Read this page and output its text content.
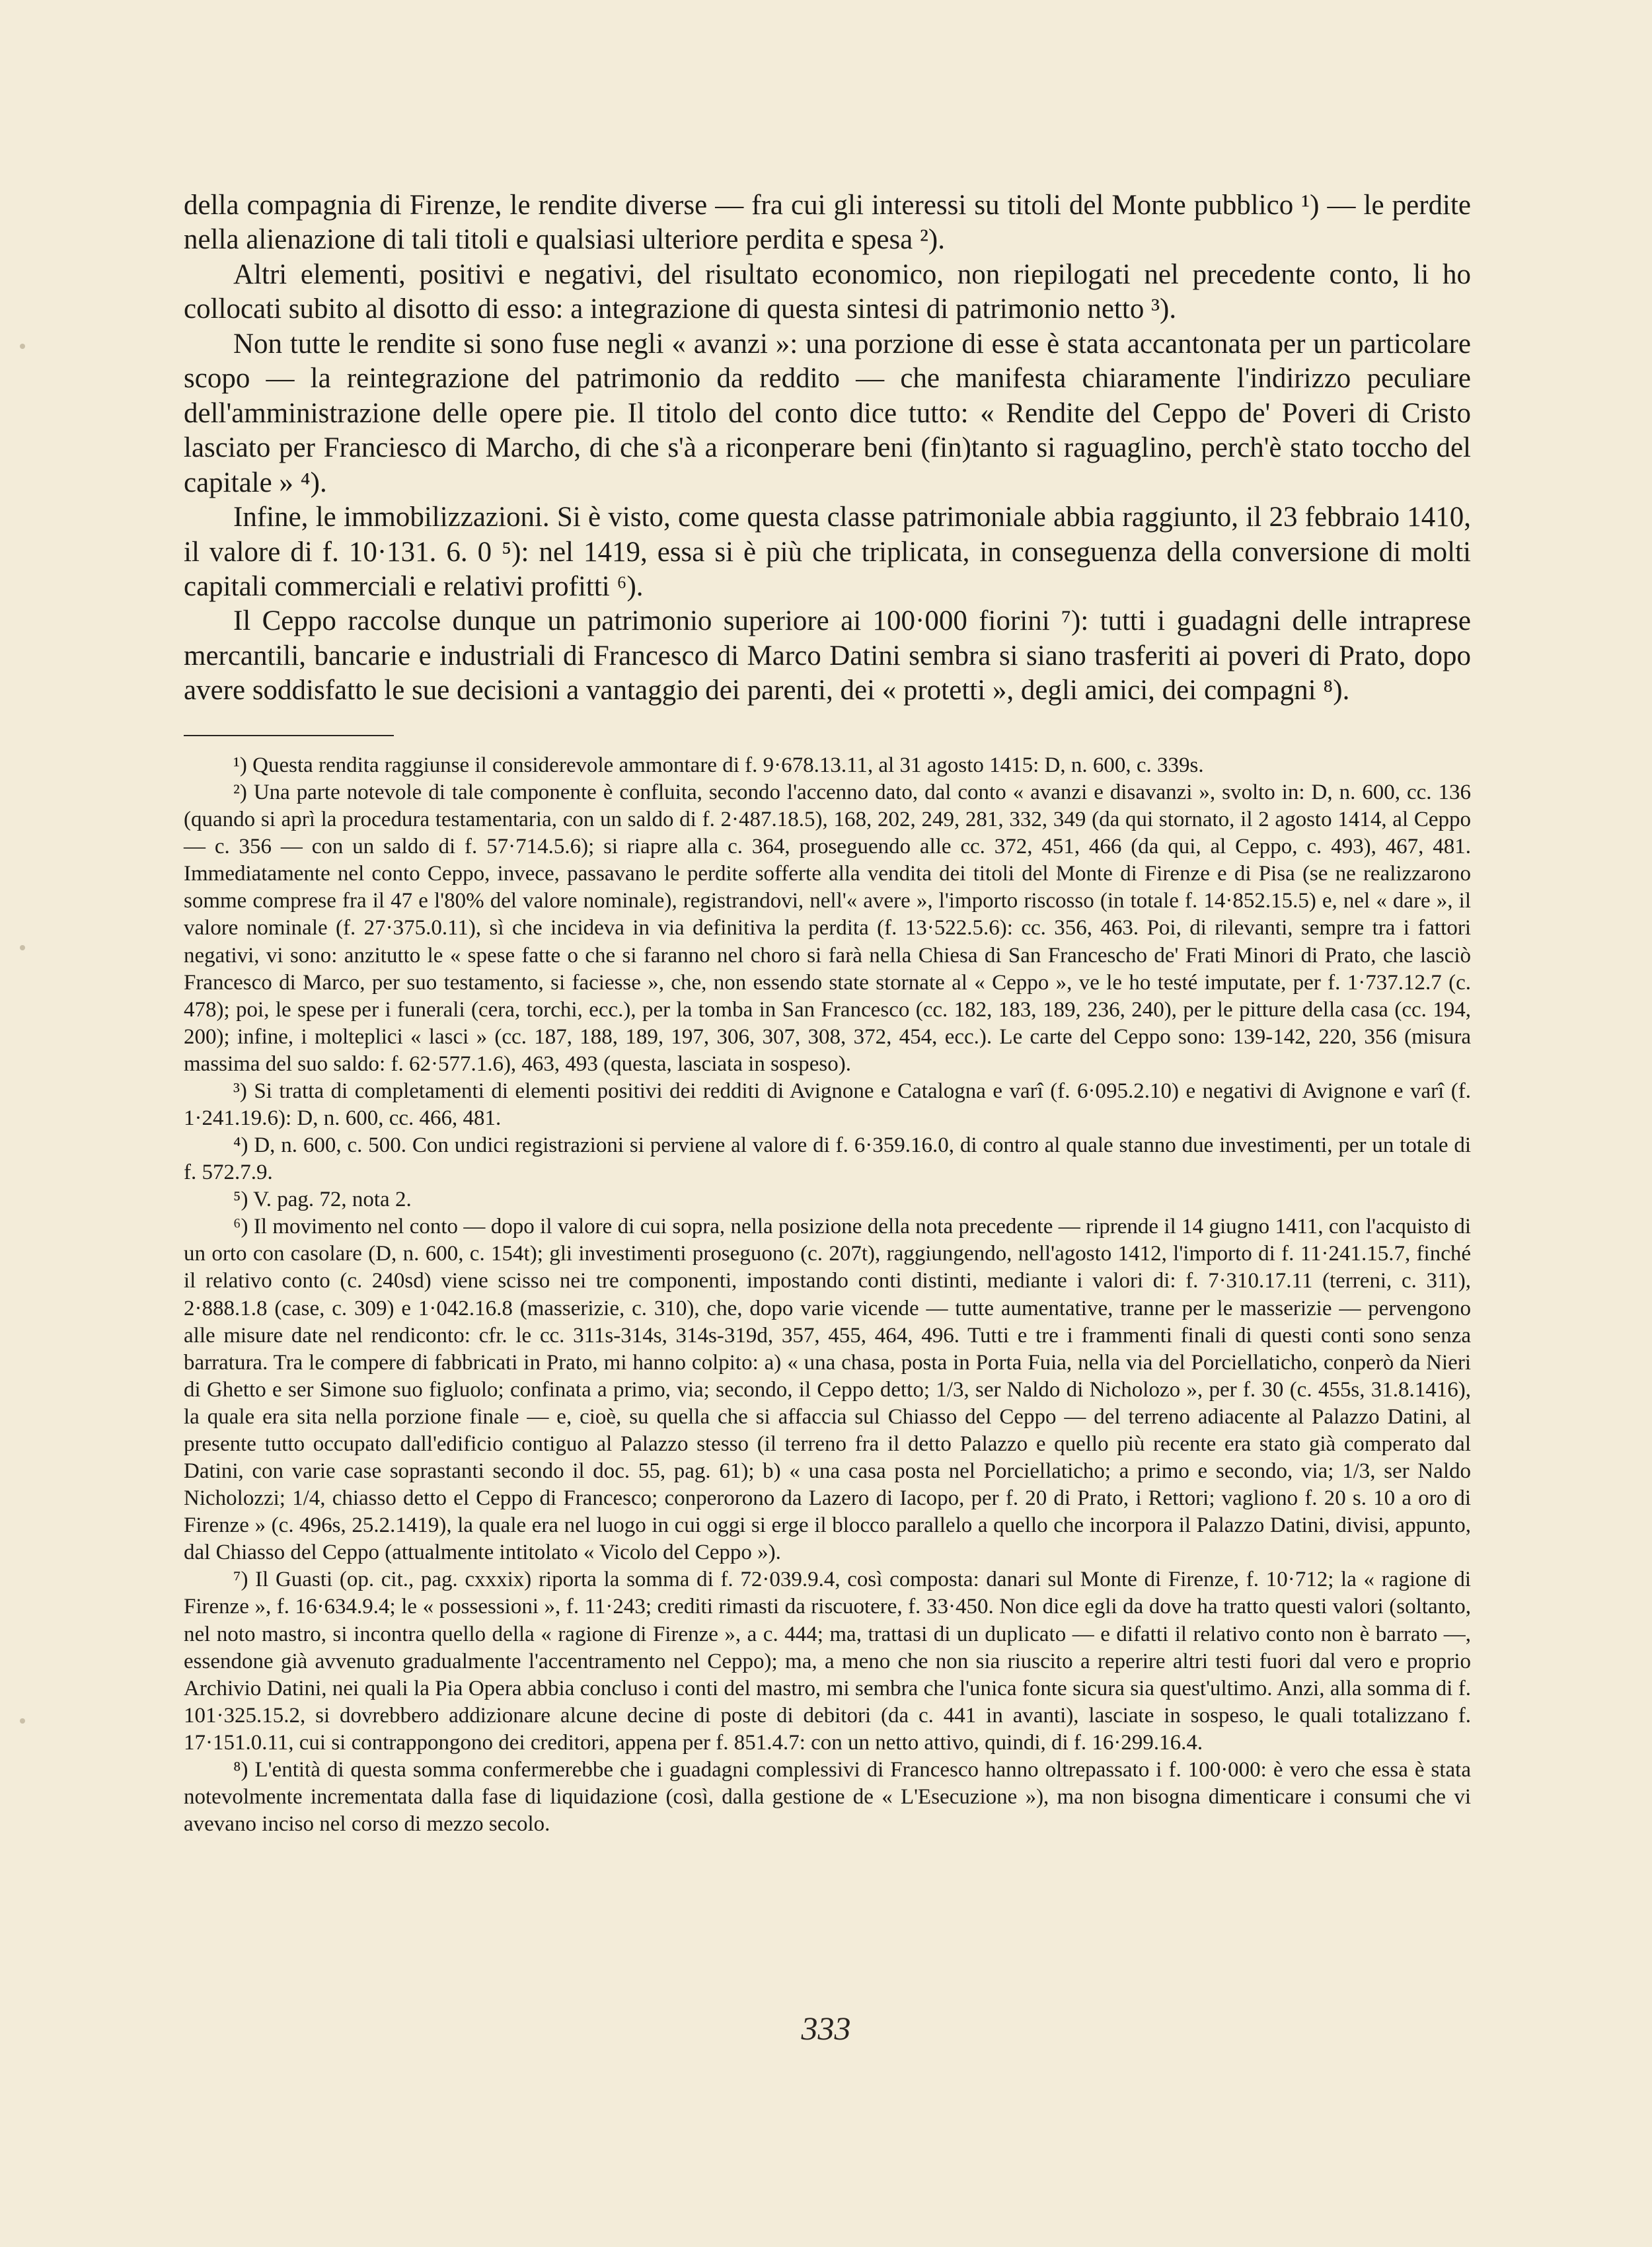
della compagnia di Firenze, le rendite diverse — fra cui gli interessi su titoli del Monte pubblico ¹) — le perdite nella alienazione di tali titoli e qualsiasi ulteriore perdita e spesa ²).

Altri elementi, positivi e negativi, del risultato economico, non riepilogati nel precedente conto, li ho collocati subito al disotto di esso: a integrazione di questa sintesi di patrimonio netto ³).

Non tutte le rendite si sono fuse negli « avanzi »: una porzione di esse è stata accantonata per un particolare scopo — la reintegrazione del patrimonio da reddito — che manifesta chiaramente l'indirizzo peculiare dell'amministrazione delle opere pie. Il titolo del conto dice tutto: « Rendite del Ceppo de' Poveri di Cristo lasciato per Franciesco di Marcho, di che s'à a riconperare beni (fin)tanto si raguaglino, perch'è stato toccho del capitale » ⁴).

Infine, le immobilizzazioni. Si è visto, come questa classe patrimoniale abbia raggiunto, il 23 febbraio 1410, il valore di f. 10·131. 6. 0 ⁵): nel 1419, essa si è più che triplicata, in conseguenza della conversione di molti capitali commerciali e relativi profitti ⁶).

Il Ceppo raccolse dunque un patrimonio superiore ai 100·000 fiorini ⁷): tutti i guadagni delle intraprese mercantili, bancarie e industriali di Francesco di Marco Datini sembra si siano trasferiti ai poveri di Prato, dopo avere soddisfatto le sue decisioni a vantaggio dei parenti, dei « protetti », degli amici, dei compagni ⁸).

¹) Questa rendita raggiunse il considerevole ammontare di f. 9·678.13.11, al 31 agosto 1415: D, n. 600, c. 339s.

²) Una parte notevole di tale componente è confluita, secondo l'accenno dato, dal conto « avanzi e disavanzi », svolto in: D, n. 600, cc. 136 (quando si aprì la procedura testamentaria, con un saldo di f. 2·487.18.5), 168, 202, 249, 281, 332, 349 (da qui stornato, il 2 agosto 1414, al Ceppo — c. 356 — con un saldo di f. 57·714.5.6); si riapre alla c. 364, proseguendo alle cc. 372, 451, 466 (da qui, al Ceppo, c. 493), 467, 481. Immediatamente nel conto Ceppo, invece, passavano le perdite sofferte alla vendita dei titoli del Monte di Firenze e di Pisa (se ne realizzarono somme comprese fra il 47 e l'80% del valore nominale), registrandovi, nell'« avere », l'importo riscosso (in totale f. 14·852.15.5) e, nel « dare », il valore nominale (f. 27·375.0.11), sì che incideva in via definitiva la perdita (f. 13·522.5.6): cc. 356, 463. Poi, di rilevanti, sempre tra i fattori negativi, vi sono: anzitutto le « spese fatte o che si faranno nel choro si farà nella Chiesa di San Francescho de' Frati Minori di Prato, che lasciò Francesco di Marco, per suo testamento, si faciesse », che, non essendo state stornate al « Ceppo », ve le ho testé imputate, per f. 1·737.12.7 (c. 478); poi, le spese per i funerali (cera, torchi, ecc.), per la tomba in San Francesco (cc. 182, 183, 189, 236, 240), per le pitture della casa (cc. 194, 200); infine, i molteplici « lasci » (cc. 187, 188, 189, 197, 306, 307, 308, 372, 454, ecc.). Le carte del Ceppo sono: 139-142, 220, 356 (misura massima del suo saldo: f. 62·577.1.6), 463, 493 (questa, lasciata in sospeso).

³) Si tratta di completamenti di elementi positivi dei redditi di Avignone e Catalogna e varî (f. 6·095.2.10) e negativi di Avignone e varî (f. 1·241.19.6): D, n. 600, cc. 466, 481.

⁴) D, n. 600, c. 500. Con undici registrazioni si perviene al valore di f. 6·359.16.0, di contro al quale stanno due investimenti, per un totale di f. 572.7.9.

⁵) V. pag. 72, nota 2.

⁶) Il movimento nel conto — dopo il valore di cui sopra, nella posizione della nota precedente — riprende il 14 giugno 1411, con l'acquisto di un orto con casolare (D, n. 600, c. 154t); gli investimenti proseguono (c. 207t), raggiungendo, nell'agosto 1412, l'importo di f. 11·241.15.7, finché il relativo conto (c. 240sd) viene scisso nei tre componenti, impostando conti distinti, mediante i valori di: f. 7·310.17.11 (terreni, c. 311), 2·888.1.8 (case, c. 309) e 1·042.16.8 (masserizie, c. 310), che, dopo varie vicende — tutte aumentative, tranne per le masserizie — pervengono alle misure date nel rendiconto: cfr. le cc. 311s-314s, 314s-319d, 357, 455, 464, 496. Tutti e tre i frammenti finali di questi conti sono senza barratura. Tra le compere di fabbricati in Prato, mi hanno colpito: a) « una chasa, posta in Porta Fuia, nella via del Porciellaticho, conperò da Nieri di Ghetto e ser Simone suo figluolo; confinata a primo, via; secondo, il Ceppo detto; 1/3, ser Naldo di Nicholozo », per f. 30 (c. 455s, 31.8.1416), la quale era sita nella porzione finale — e, cioè, su quella che si affaccia sul Chiasso del Ceppo — del terreno adiacente al Palazzo Datini, al presente tutto occupato dall'edificio contiguo al Palazzo stesso (il terreno fra il detto Palazzo e quello più recente era stato già comperato dal Datini, con varie case soprastanti secondo il doc. 55, pag. 61); b) « una casa posta nel Porciellaticho; a primo e secondo, via; 1/3, ser Naldo Nicholozzi; 1/4, chiasso detto el Ceppo di Francesco; conperorono da Lazero di Iacopo, per f. 20 di Prato, i Rettori; vagliono f. 20 s. 10 a oro di Firenze » (c. 496s, 25.2.1419), la quale era nel luogo in cui oggi si erge il blocco parallelo a quello che incorpora il Palazzo Datini, divisi, appunto, dal Chiasso del Ceppo (attualmente intitolato « Vicolo del Ceppo »).

⁷) Il Guasti (op. cit., pag. cxxxix) riporta la somma di f. 72·039.9.4, così composta: danari sul Monte di Firenze, f. 10·712; la « ragione di Firenze », f. 16·634.9.4; le « possessioni », f. 11·243; crediti rimasti da riscuotere, f. 33·450. Non dice egli da dove ha tratto questi valori (soltanto, nel noto mastro, si incontra quello della « ragione di Firenze », a c. 444; ma, trattasi di un duplicato — e difatti il relativo conto non è barrato —, essendone già avvenuto gradualmente l'accentramento nel Ceppo); ma, a meno che non sia riuscito a reperire altri testi fuori dal vero e proprio Archivio Datini, nei quali la Pia Opera abbia concluso i conti del mastro, mi sembra che l'unica fonte sicura sia quest'ultimo. Anzi, alla somma di f. 101·325.15.2, si dovrebbero addizionare alcune decine di poste di debitori (da c. 441 in avanti), lasciate in sospeso, le quali totalizzano f. 17·151.0.11, cui si contrappongono dei creditori, appena per f. 851.4.7: con un netto attivo, quindi, di f. 16·299.16.4.

⁸) L'entità di questa somma confermerebbe che i guadagni complessivi di Francesco hanno oltrepassato i f. 100·000: è vero che essa è stata notevolmente incrementata dalla fase di liquidazione (così, dalla gestione de « L'Esecuzione »), ma non bisogna dimenticare i consumi che vi avevano inciso nel corso di mezzo secolo.

333
